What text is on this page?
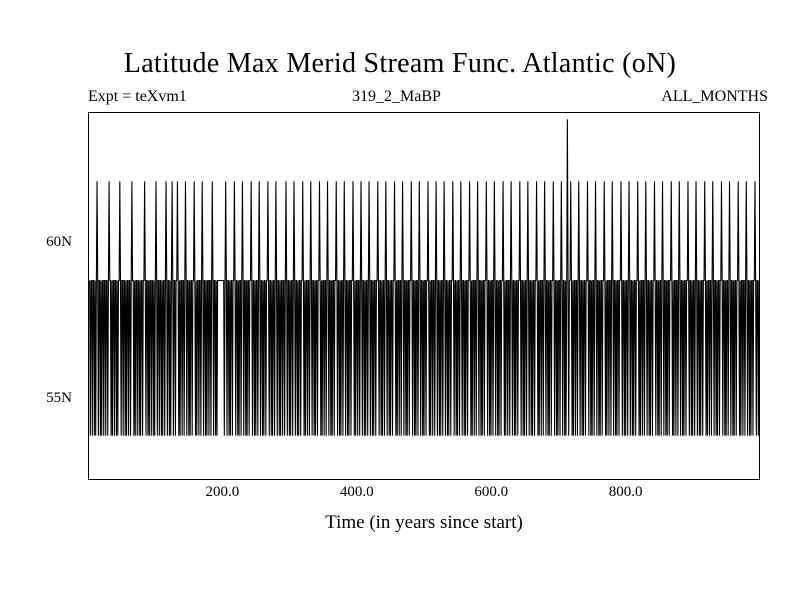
Latitude Max Merid Stream Func. Atlantic (oN)
Expt = teXvm1	319_2_MaBP	ALL_MONTHS
60N
55N
200.0	400.0	600.0	800.0
Time (in years since start)
